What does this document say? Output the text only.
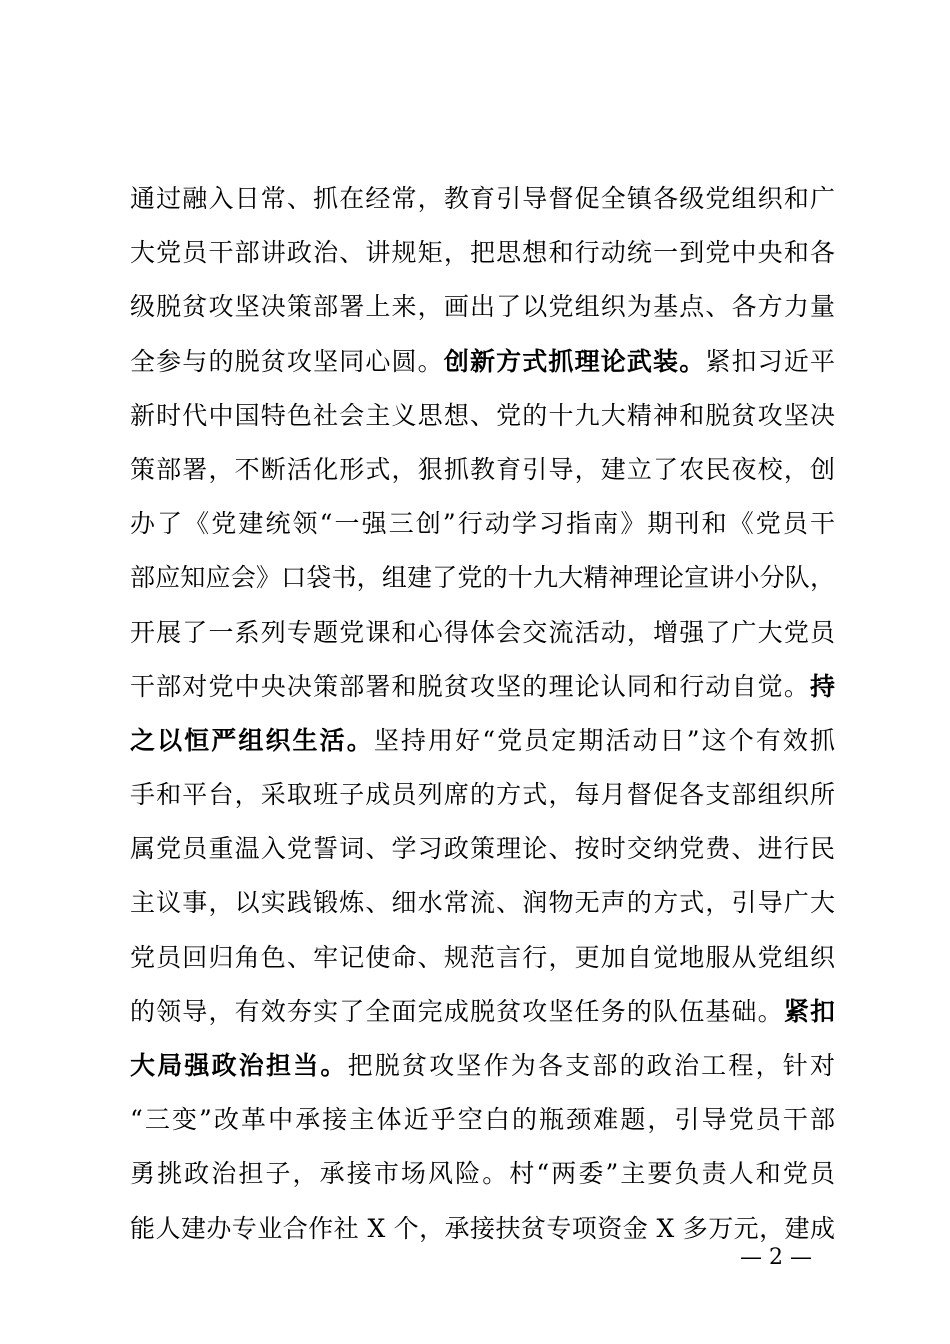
通过融入日常、抓在经常，教育引导督促全镇各级党组织和广
大党员干部讲政治、讲规矩，把思想和行动统一到党中央和各
级脱贫攻坚决策部署上来，画出了以党组织为基点、各方力量
全参与的脱贫攻坚同心圆。创新方式抓理论武装。紧扣习近平
新时代中国特色社会主义思想、党的十九大精神和脱贫攻坚决
策部署，不断活化形式，狠抓教育引导，建立了农民夜校，创
办了《党建统领“一强三创”行动学习指南》期刊和《党员干
部应知应会》口袋书，组建了党的十九大精神理论宣讲小分队，
开展了一系列专题党课和心得体会交流活动，增强了广大党员
干部对党中央决策部署和脱贫攻坚的理论认同和行动自觉。持
之以恒严组织生活。坚持用好“党员定期活动日”这个有效抓
手和平台，采取班子成员列席的方式，每月督促各支部组织所
属党员重温入党誓词、学习政策理论、按时交纳党费、进行民
主议事，以实践锻炼、细水常流、润物无声的方式，引导广大
党员回归角色、牢记使命、规范言行，更加自觉地服从党组织
的领导，有效夯实了全面完成脱贫攻坚任务的队伍基础。紧扣
大局强政治担当。把脱贫攻坚作为各支部的政治工程，针对
“三变”改革中承接主体近乎空白的瓶颈难题，引导党员干部
勇挑政治担子，承接市场风险。村“两委”主要负责人和党员
能人建办专业合作社 X 个，承接扶贫专项资金 X 多万元，建成
— 2 —
